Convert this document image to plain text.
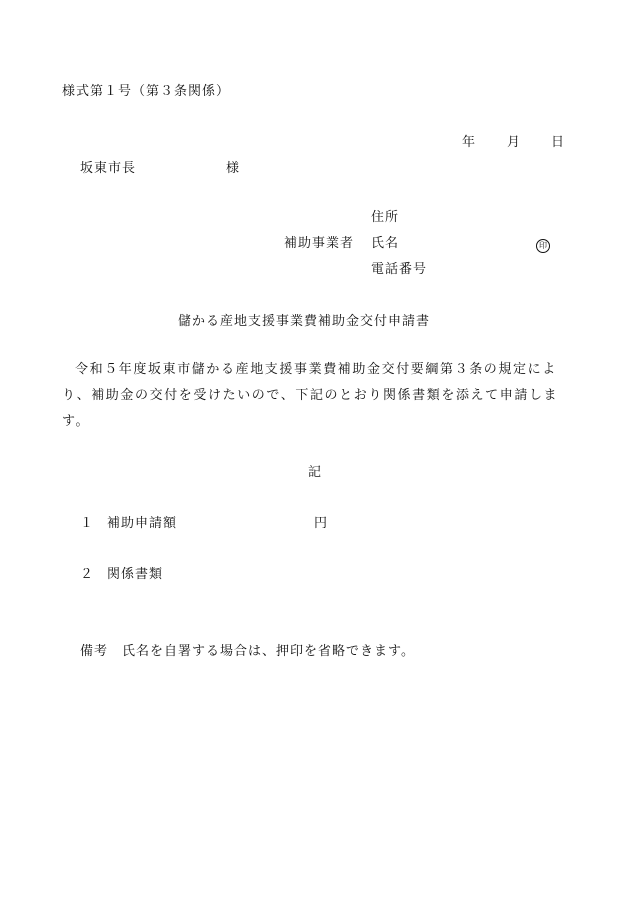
様式第１号（第３条関係）
年 月 日
坂東市長	様
補助事業者
住所
氏名	印
電話番号
儲かる産地支援事業費補助金交付申請書
令和５年度坂東市儲かる産地支援事業費補助金交付要綱第３条の規定により、補助金の交付を受けたいので、下記のとおり関係書類を添えて申請します。
記
１ 補助申請額	円
２ 関係書類
備考 氏名を自署する場合は、押印を省略できます。
